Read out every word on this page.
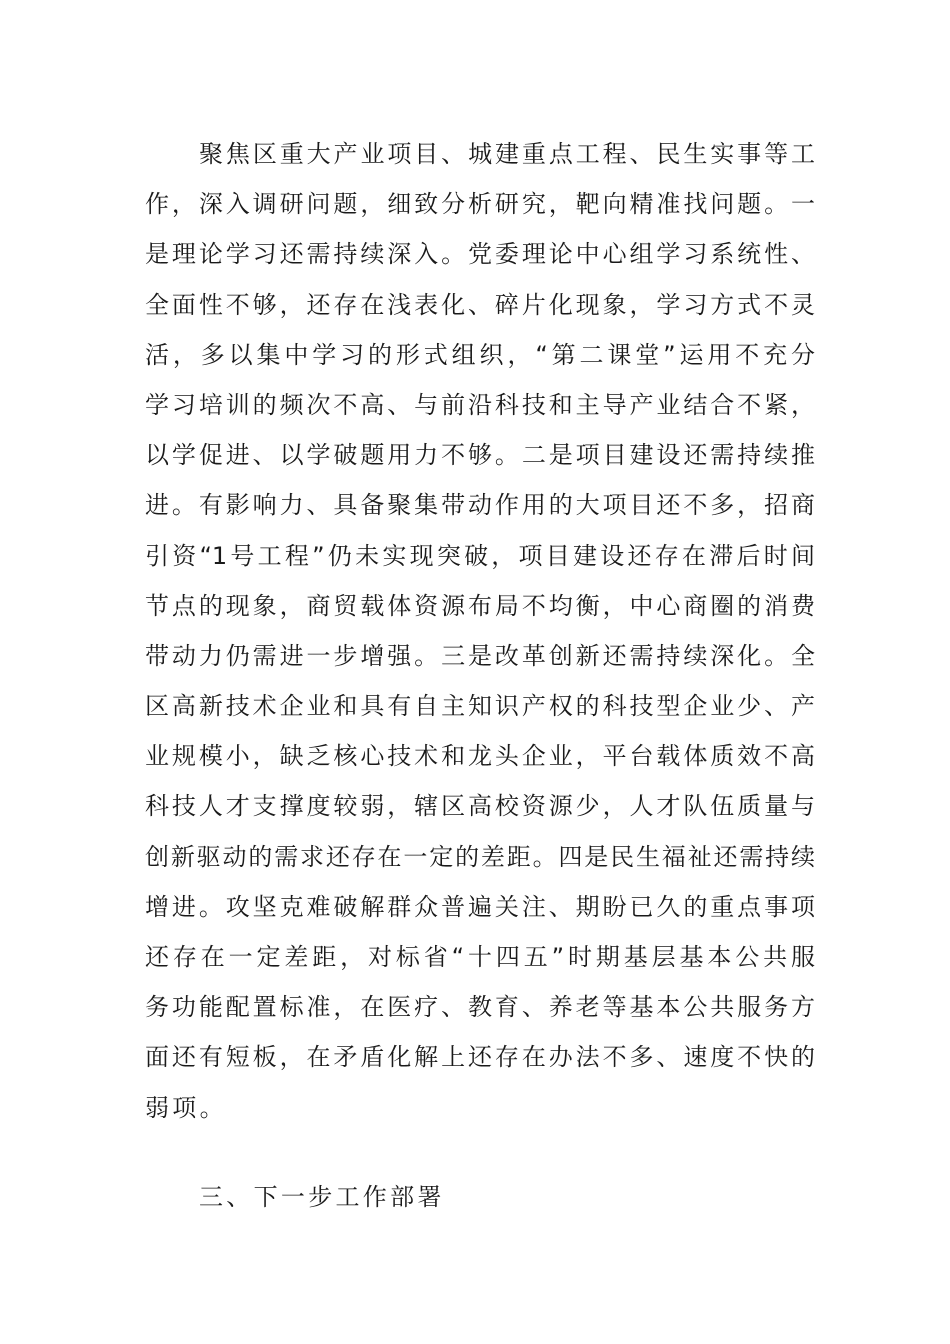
聚焦区重大产业项目、城建重点工程、民生实事等工
作，深入调研问题，细致分析研究，靶向精准找问题。一
是理论学习还需持续深入。党委理论中心组学习系统性、
全面性不够，还存在浅表化、碎片化现象，学习方式不灵
活，多以集中学习的形式组织，“第二课堂”运用不充分
学习培训的频次不高、与前沿科技和主导产业结合不紧，
以学促进、以学破题用力不够。二是项目建设还需持续推
进。有影响力、具备聚集带动作用的大项目还不多，招商
引资“1号工程”仍未实现突破，项目建设还存在滞后时间
节点的现象，商贸载体资源布局不均衡，中心商圈的消费
带动力仍需进一步增强。三是改革创新还需持续深化。全
区高新技术企业和具有自主知识产权的科技型企业少、产
业规模小，缺乏核心技术和龙头企业，平台载体质效不高
科技人才支撑度较弱，辖区高校资源少，人才队伍质量与
创新驱动的需求还存在一定的差距。四是民生福祉还需持续
增进。攻坚克难破解群众普遍关注、期盼已久的重点事项
还存在一定差距，对标省“十四五”时期基层基本公共服
务功能配置标准，在医疗、教育、养老等基本公共服务方
面还有短板，在矛盾化解上还存在办法不多、速度不快的
弱项。
三、下一步工作部署
